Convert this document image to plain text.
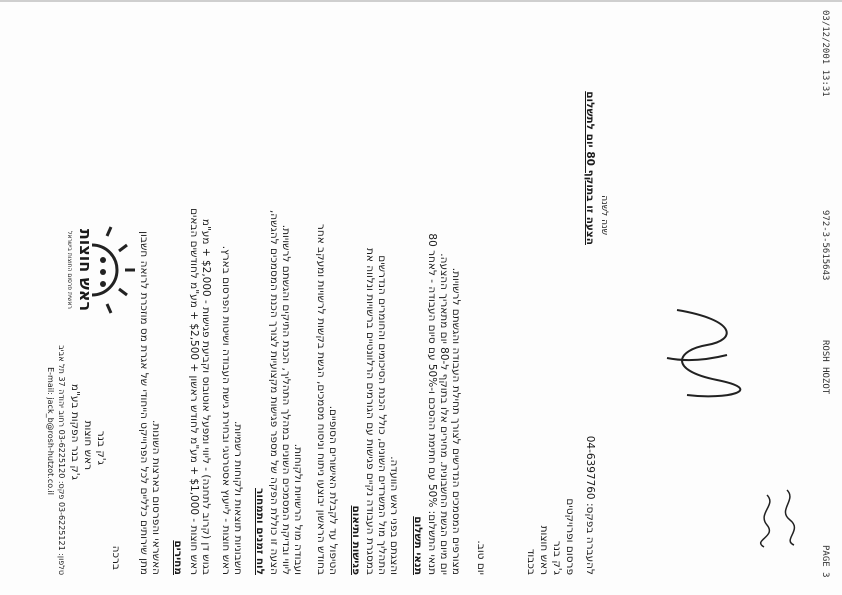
03/12/2001 13:31
972-3-5615643
ROSH HOZOT
PAGE 3
טלפון: 03-6225121 פקס: 03-6225120 רחוב יהודה 37 תל אביב
E-mail: jack_b@rosh-hutzot.co.il
ראש חוצות
ראשית פרסום החוצות בישראל
ג'ק בנר
ראש חוצות
ג'ק בנר הפקות בע"מ
ברכה מתן שירותים כלליים לכל הפרוייקט הייחודי של אגרת מס מוזכרת לרואה חשבון האשראי והפרסום בארצות השונות. מחירים
ראש חוצות - $1,000 + מע"מ לחודש ראשון + $2,500 + מע"מ לחודשים הבאים
בגוש דן (קרוב לתחנה) - ליווי ומפעל אוטובוס וקביעת פגישות - $2,000 + מע"מ ראש חוצות - לייעוץ אסטרטגי ובחירת גישת העבודה ושיטות הפרסום בארץ. חשבוניות תוצאות ולקוחות רשמיות. לוח זמנים ותמחור הצעה זו כוללת הפקה של מספר פגישות מקצועיות לצורך הכנת המסמכים להגשה, ליווי ובדיקת המסמכים השונים במהלך התהליך, הכנת התיקים והגשתם לרשויות. ועבודה מול הרשויות ולקוחות. בחודש הראשון יבוצעו ניתוח וניסוח מסמכים, הגשת בקשות לרשויות ומעקב אחר הטיפול עד לקבלת האישורים הסופיים. פגישות ותיאום במסגרת העבודה נקיים פגישות עם הגורמים הרלוונטיים ברשויות ונלווה את התהליך מול המשרדים השונים, כולל הכנת הסיכומים והחומרים הנדרשים והצגתם בפני ראש הוועדה. תנאי תשלום
תנאי התשלום: 50% עם חתימת ההסכם ו-50% עם סיום העבודה - לאחר 80
יום מיום הגשת החשבונית. מחירים אלו בתוקף ל-80 יום מתאריך ההצעה. מצורפים המסמכים הנדרשים לצורך תחילת העבודה והגשתם לרשויות. יום טוב.	בכבוד ראש חוצות ג'ק בנר פרסום ופרויקטים
להעברה בפקס: 04-6397760
הצעה זו בתוקף 80 יום לתשלום שנה לשנה
